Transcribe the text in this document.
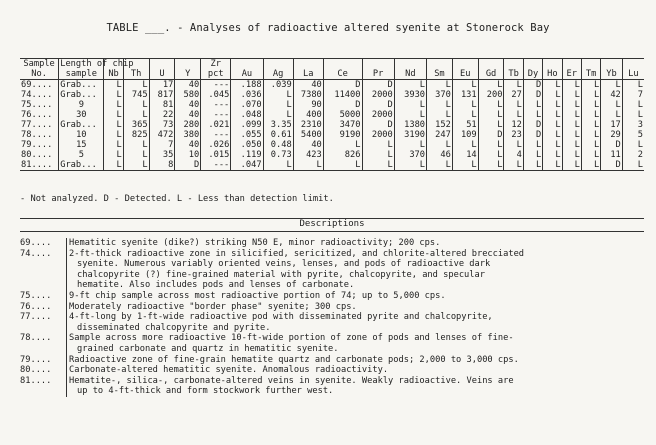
TABLE ___. - Analyses of radioactive altered syenite at Stonerock Bay
Sample	Length of chip					Zr																
No.	sample	Nb	Th	U	Y	pct	Au	Ag	La	Ce	Pr	Nd	Sm	Eu	Gd	Tb	Dy	Ho	Er	Tm	Yb	Lu
69....	Grab...	L	L	17	40	---	.188	.039	40	D	D	L	L	L	L	L	D	L	L	L	L	L
74....	Grab...	L	745	817	580	.045	.036	L	7380	11400	2000	3930	370	131	200	27	D	L	L	L	42	7
75....	9	L	L	81	40	---	.070	L	90	D	D	L	L	L	L	L	L	L	L	L	L	L
76....	30	L	L	22	40	---	.048	L	400	5000	2000	L	L	L	L	L	L	L	L	L	L	L
77....	Grab...	L	365	73	280	.021	.099	3.35	2310	3470	D	1380	152	51	L	12	D	L	L	L	17	3
78....	10	L	825	472	380	---	.055	0.61	5400	9190	2000	3190	247	109	D	23	D	L	L	L	29	5
79....	15	L	L	7	40	.026	.050	0.48	40	L	L	L	L	L	L	L	L	L	L	L	D	L
80....	5	L	L	35	10	.015	.119	0.73	423	826	L	370	46	14	L	4	L	L	L	L	11	2
81....	Grab...	L	L	8	D	---	.047	L	L	L	L	L	L	L	L	L	L	L	L	L	D	L
- Not analyzed. D - Detected. L - Less than detection limit.
Descriptions
69....	Hematitic syenite (dike?) striking N50 E, minor radioactivity; 200 cps.
74....	2-ft-thick radioactive zone in silicified, sericitized, and chlorite-altered brecciated
syenite. Numerous variably oriented veins, lenses, and pods of radioactive dark
chalcopyrite (?) fine-grained material with pyrite, chalcopyrite, and specular
hematite. Also includes pods and lenses of carbonate.
75....	9-ft chip sample across most radioactive portion of 74; up to 5,000 cps.
76....	Moderately radioactive "border phase" syenite; 300 cps.
77....	4-ft-long by 1-ft-wide radioactive pod with disseminated pyrite and chalcopyrite,
disseminated chalcopyrite and pyrite.
78....	Sample across more radioactive 10-ft-wide portion of zone of pods and lenses of fine-
grained carbonate and quartz in hematitic syenite.
79....	Radioactive zone of fine-grain hematite quartz and carbonate pods; 2,000 to 3,000 cps.
80....	Carbonate-altered hematitic syenite. Anomalous radioactivity.
81....	Hematite-, silica-, carbonate-altered veins in syenite. Weakly radioactive. Veins are
up to 4-ft-thick and form stockwork further west.
